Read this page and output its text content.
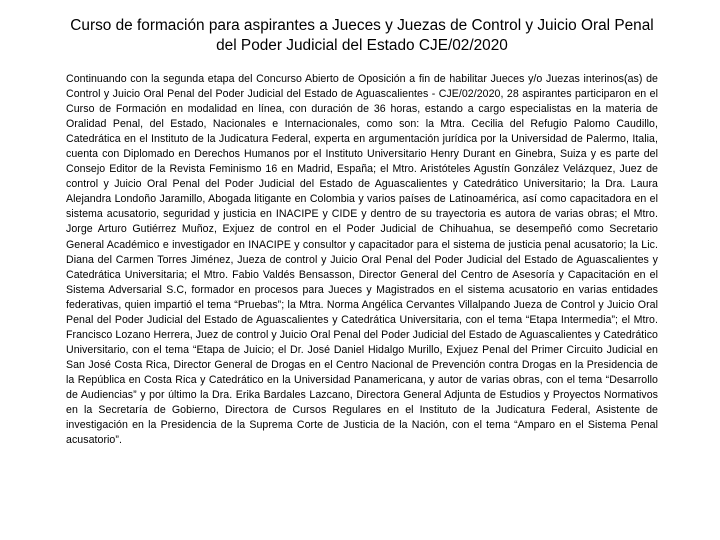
Curso de formación para aspirantes a Jueces y Juezas de Control y Juicio Oral Penal del Poder Judicial del Estado CJE/02/2020

Continuando con la segunda etapa del Concurso Abierto de Oposición a fin de habilitar Jueces y/o Juezas interinos(as) de Control y Juicio Oral Penal del Poder Judicial del Estado de Aguascalientes - CJE/02/2020, 28 aspirantes participaron en el Curso de Formación en modalidad en línea, con duración de 36 horas, estando a cargo especialistas en la materia de Oralidad Penal, del Estado, Nacionales e Internacionales, como son: la Mtra. Cecilia del Refugio Palomo Caudillo, Catedrática en el Instituto de la Judicatura Federal, experta en argumentación jurídica por la Universidad de Palermo, Italia, cuenta con Diplomado en Derechos Humanos por el Instituto Universitario Henry Durant en Ginebra, Suiza y es parte del Consejo Editor de la Revista Feminismo 16 en Madrid, España; el Mtro. Aristóteles Agustín González Velázquez, Juez de control y Juicio Oral Penal del Poder Judicial del Estado de Aguascalientes y Catedrático Universitario; la Dra. Laura Alejandra Londoño Jaramillo, Abogada litigante en Colombia y varios países de Latinoamérica, así como capacitadora en el sistema acusatorio, seguridad y justicia en INACIPE y CIDE y dentro de su trayectoria es autora de varias obras; el Mtro. Jorge Arturo Gutiérrez Muñoz, Exjuez de control en el Poder Judicial de Chihuahua, se desempeñó como Secretario General Académico e investigador en INACIPE y consultor y capacitador para el sistema de justicia penal acusatorio; la Lic. Diana del Carmen Torres Jiménez, Jueza de control y Juicio Oral Penal del Poder Judicial del Estado de Aguascalientes y Catedrática Universitaria; el Mtro. Fabio Valdés Bensasson, Director General del Centro de Asesoría y Capacitación en el Sistema Adversarial S.C, formador en procesos para Jueces y Magistrados en el sistema acusatorio en varias entidades federativas, quien impartió el tema “Pruebas”; la Mtra. Norma Angélica Cervantes Villalpando Jueza de Control y Juicio Oral Penal del Poder Judicial del Estado de Aguascalientes y Catedrática Universitaria, con el tema “Etapa Intermedia”; el Mtro. Francisco Lozano Herrera, Juez de control y Juicio Oral Penal del Poder Judicial del Estado de Aguascalientes y Catedrático Universitario, con el tema “Etapa de Juicio; el Dr. José Daniel Hidalgo Murillo, Exjuez Penal del Primer Circuito Judicial en San José Costa Rica, Director General de Drogas en el Centro Nacional de Prevención contra Drogas en la Presidencia de la República en Costa Rica y Catedrático en la Universidad Panamericana, y autor de varias obras, con el tema “Desarrollo de Audiencias” y por último la Dra. Erika Bardales Lazcano, Directora General Adjunta de Estudios y Proyectos Normativos en la Secretaría de Gobierno, Directora de Cursos Regulares en el Instituto de la Judicatura Federal, Asistente de investigación en la Presidencia de la Suprema Corte de Justicia de la Nación, con el tema “Amparo en el Sistema Penal acusatorio”.
